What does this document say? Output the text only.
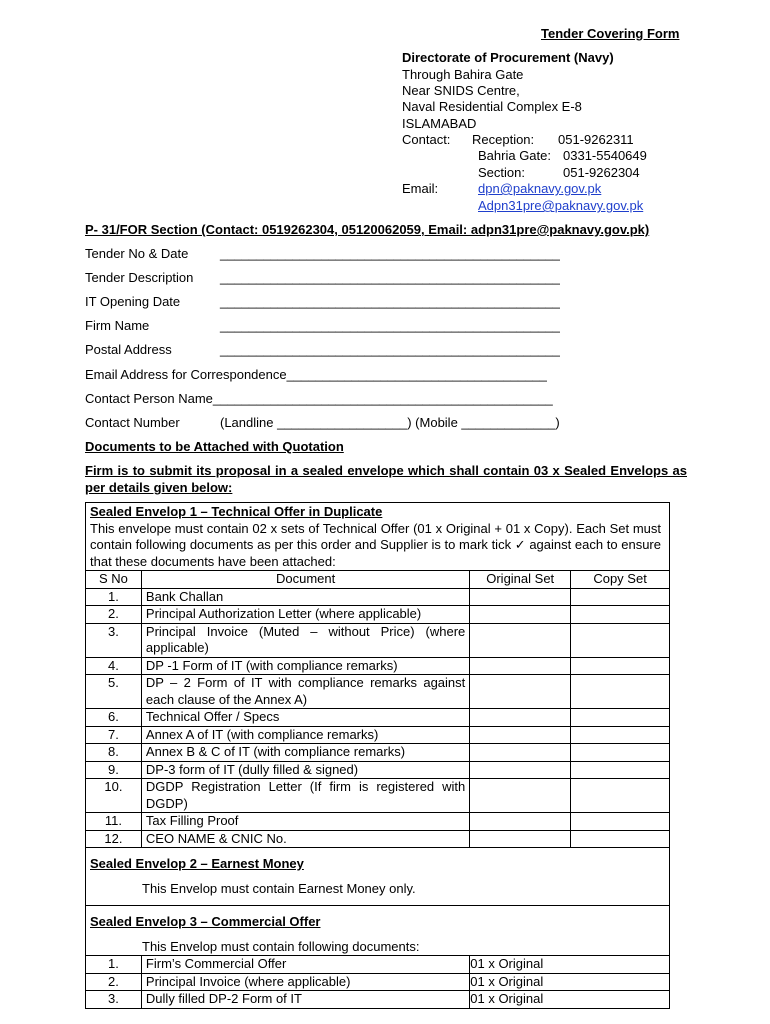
Tender Covering Form
Directorate of Procurement (Navy)
Through Bahira Gate
Near SNIDS Centre,
Naval Residential Complex E-8
ISLAMABAD
Contact: Reception: 051-9262311
Bahria Gate: 0331-5540649
Section:	051-9262304
Email:	dpn@paknavy.gov.pk
Adpn31pre@paknavy.gov.pk
P- 31/FOR Section (Contact: 0519262304, 05120062059, Email: adpn31pre@paknavy.gov.pk)
Tender No & Date _______________________________________________
Tender Description _______________________________________________
IT Opening Date	_______________________________________________
Firm Name	_______________________________________________
Postal Address	_______________________________________________
Email Address for Correspondence____________________________________
Contact Person Name_______________________________________________
Contact Number	(Landline __________________) (Mobile _____________)
Documents to be Attached with Quotation
Firm is to submit its proposal in a sealed envelope which shall contain 03 x Sealed Envelops as per details given below:
Sealed Envelop 1 – Technical Offer in Duplicate
This envelope must contain 02 x sets of Technical Offer (01 x Original + 01 x Copy). Each Set must contain following documents as per this order and Supplier is to mark tick ✓ against each to ensure that these documents have been attached:			

S No	Document	Original Set	Copy Set
1.	Bank Challan		
2.	Principal Authorization Letter (where applicable)		
3.	Principal Invoice (Muted – without Price) (where applicable)		
4.	DP -1 Form of IT (with compliance remarks)		
5.	DP – 2 Form of IT with compliance remarks against each clause of the Annex A)		
6.	Technical Offer / Specs		
7.	Annex A of IT (with compliance remarks)		
8.	Annex B & C of IT (with compliance remarks)		
9.	DP-3 form of IT (dully filled & signed)		
10.	DGDP Registration Letter (If firm is registered with DGDP)		
11.	Tax Filling Proof		
12.	CEO NAME & CNIC No.		

Sealed Envelop 2 – Earnest Money
This Envelop must contain Earnest Money only.			

Sealed Envelop 3 – Commercial Offer
This Envelop must contain following documents:			

1.	Firm’s Commercial Offer	01 x Original	
2.	Principal Invoice (where applicable)	01 x Original	
3.	Dully filled DP-2 Form of IT	01 x Original	
